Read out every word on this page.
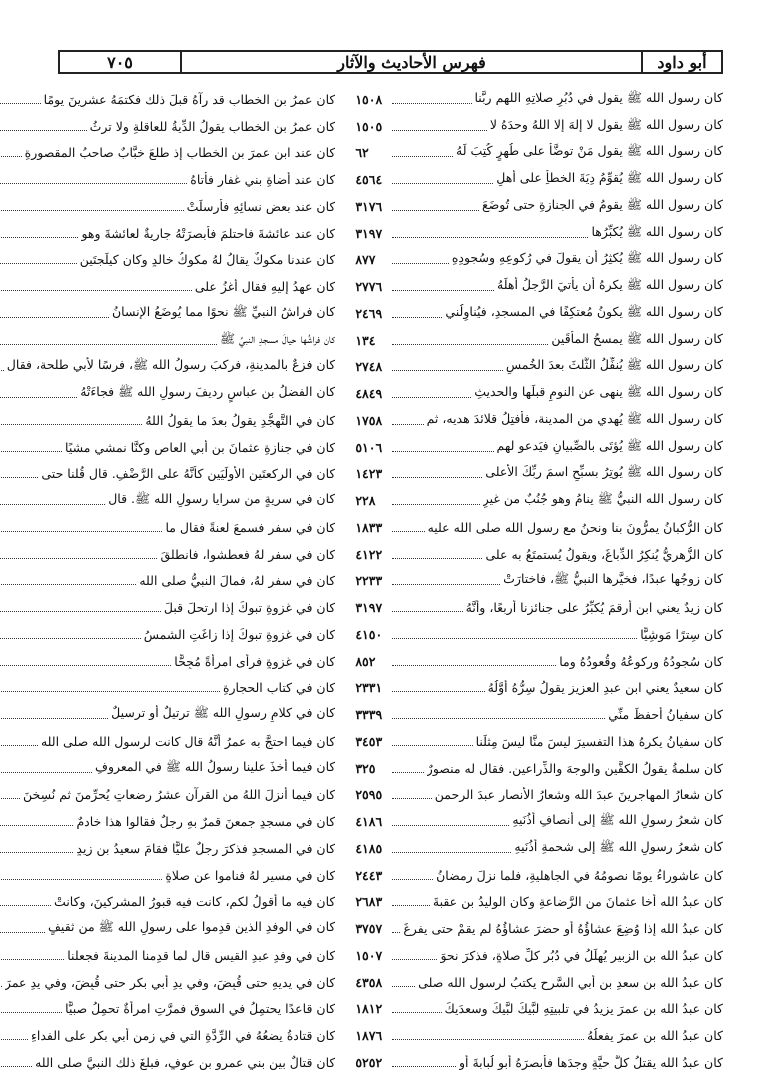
أبو داود
فهرس الأحاديث والآثار
٧٠٥
كان رسول الله ﷺ يقول في دُبُرِ صلاتِهِ اللهم ربَّنا
١٥٠٨
كان رسول الله ﷺ يقول لا إلهَ إلا اللهُ وحدَهُ لا
١٥٠٥
كان رسول الله ﷺ يقول مَنْ توضَّأَ على طُهرٍ كُتِبَ لَهُ
٦٢
كان رسول الله ﷺ يُقوِّمُ دِيَةَ الخطأِ على أهلِ
٤٥٦٤
كان رسول الله ﷺ يقومُ في الجنازةِ حتى تُوضَعَ
٣١٧٦
كان رسول الله ﷺ يُكبِّرُها
٣١٩٧
كان رسول الله ﷺ يُكثِرُ أن يقولَ في رُكوعِهِ وسُجودِهِ
٨٧٧
كان رسول الله ﷺ يكرهُ أن يأتيَ الرَّجلُ أهلَهُ
٢٧٧٦
كان رسول الله ﷺ يكونُ مُعتكِفًا في المسجدِ، فيُناوِلُني
٢٤٦٩
كان رسول الله ﷺ يمسحُ المأقَين
١٣٤
كان رسول الله ﷺ يُنفِّلُ الثُّلثَ بعدَ الخُمسِ
٢٧٤٨
كان رسول الله ﷺ ينهى عن النومِ قبلَها والحديثِ
٤٨٤٩
كان رسول الله ﷺ يُهدي من المدينة، فأفتِلُ قلائدَ هديه، ثم
١٧٥٨
كان رسول الله ﷺ يُؤتَى بالصِّبيانِ فيَدعو لهم
٥١٠٦
كان رسول الله ﷺ يُوتِرُ بسبِّحِ اسمَ ربِّكَ الأعلى
١٤٢٣
كان رسول الله النبيُّ ﷺ ينامُ وهو جُنُبٌ من غيرِ
٢٢٨
كان الرُّكبانُ يمرُّونَ بنا ونحنُ مع رسول الله صلى الله عليه
١٨٣٣
كان الزُّهريُّ يُنكِرُ الدِّباغَ، ويقولُ يُستمتَعُ به على
٤١٢٢
كان زوجُها عبدًا، فخيَّرها النبيُّ ﷺ، فاختارَتْ
٢٢٣٣
كان زيدٌ يعني ابن أرقمَ يُكبِّرُ على جنائزِنا أربعًا، وأنَّهُ
٣١٩٧
كان سِترًا مَوشِيًّا
٤١٥٠
كان سُجودُهُ وركوعُهُ وقُعودُهُ وما
٨٥٢
كان سعيدٌ يعني ابن عبدِ العزيزِ يقولُ سِرُّهُ أوَّلُهُ
٢٣٣١
كان سفيانُ أحفظَ منِّي
٣٣٣٩
كان سفيانُ يكرهُ هذا التفسيرَ ليسَ منَّا ليسَ مِثلَنا
٣٤٥٣
كان سلمةُ يقولُ الكفَّينِ والوجهَ والذِّراعينِ. فقال له منصورٌ
٣٢٥
كان شعارُ المهاجرينَ عبدَ الله وشعارُ الأنصارِ عبدَ الرحمنِ
٢٥٩٥
كان شعرُ رسولِ الله ﷺ إلى أنصافِ أُذُنَيهِ
٤١٨٦
كان شعرُ رسولِ الله ﷺ إلى شحمةِ أُذُنَيهِ
٤١٨٥
كان عاشوراءُ يومًا نصومُهُ في الجاهليةِ، فلما نزلَ رمضانُ
٢٤٤٣
كان عبدُ الله أخا عثمانَ من الرَّضاعةِ وكان الوليدُ بن عقبةَ
٢٦٨٣
كان عبدُ الله إذا وُضِعَ عشاؤُهُ أو حضرَ عشاؤُهُ لم يقمْ حتى يفرغَ
٣٧٥٧
كان عبدُ الله بن الزبيرِ يُهلِّلُ في دُبُرِ كلِّ صلاةٍ، فذكرَ نحوَ
١٥٠٧
كان عبدُ الله بن سعدِ بن أبي السَّرحِ يكتبُ لرسولِ الله صلى
٤٣٥٨
كان عبدُ الله بن عمرَ يزيدُ في تلبيتِهِ لبَّيكَ لبَّيكَ وسعدَيكَ
١٨١٢
كان عبدُ الله بن عمرَ يفعلُهُ
١٨٧٦
كان عبدُ الله يقتلُ كلَّ حيَّةٍ وجدَها فأبصرَهُ أبو لُبابةَ أو
٥٢٥٢
كان عمرُ بن الخطابِ قد رآهُ قبلَ ذلك فكتمَهُ عشرينَ يومًا
كان عمرُ بن الخطابِ يقولُ الدِّيةُ للعاقلةِ ولا ترثُ
كان عند ابنِ عمرَ بن الخطابِ إذ طلعَ خبَّابٌ صاحبُ المقصورةِ
كان عند أضاةِ بني غفارٍ فأتاهُ
كان عند بعضِ نسائِهِ فأرسلَتْ
كان عند عائشةَ فاحتلمَ فأبصرَتْهُ جاريةٌ لعائشةَ وهو
كان عندنا مكوكٌ يقالُ لهُ مكوكُ خالدٍ وكان كيلَجتَين
كان عهدُ إليهِ فقال أغزُ على
كان فراشُ النبيِّ ﷺ نحوًا مما يُوضَعُ الإنسانُ
كان فراشُها حيالَ مسجدِ النبيِّ ﷺ
كان فزعٌ بالمدينةِ، فركبَ رسولُ الله ﷺ، فرسًا لأبي طلحة، فقال
كان الفضلُ بن عباسٍ رديفَ رسولِ الله ﷺ فجاءَتْهُ
كان في التَّهجُّدِ يقولُ بعدَ ما يقولُ اللهُ
كان في جنازةِ عثمانَ بن أبي العاصِ وكنَّا نمشي مشيًا
كان في الركعتَينِ الأولَيَينِ كأنَّهُ على الرَّضْفِ. قال قُلنا حتى
كان في سريةٍ من سرايا رسولِ الله ﷺ. قال
كان في سفرٍ فسمعَ لعنةً فقال ما
كان في سفرٍ لهُ فعطشوا، فانطلقَ
كان في سفرٍ لهُ، فمالَ النبيُّ صلى الله
كان في غزوةِ تبوكَ إذا ارتحلَ قبلَ
كان في غزوةِ تبوكَ إذا زاغَتِ الشمسُ
كان في غزوةٍ فرأى امرأةً مُجِحًّا
كان في كتابِ الحجارةِ
كان في كلامِ رسولِ الله ﷺ ترتيلٌ أو ترسيلٌ
كان فيما احتجَّ به عمرُ أنَّهُ قال كانت لرسولِ الله صلى الله
كان فيما أخذَ علينا رسولُ الله ﷺ في المعروفِ
كان فيما أنزلَ اللهُ من القرآنِ عشرُ رضعاتٍ يُحرِّمنَ ثم نُسِخنَ
كان في مسجدٍ جمعنَ قمرٌ بهِ رجلٌ فقالوا هذا خادمٌ
كان في المسجدِ فذكرَ رجلٌ عليًّا فقامَ سعيدُ بن زيدٍ
كان في مسيرٍ لهُ فناموا عن صلاةٍ
كان فيه ما أقولُ لكم، كانت فيه قبورُ المشركينَ، وكانتْ
كان في الوفدِ الذين قدِموا على رسولِ الله ﷺ من ثقيفٍ
كان في وفدِ عبدِ القيسِ قال لما قدِمنا المدينةَ فجعلنا
كان في يديهِ حتى قُبِضَ، وفي يدِ أبي بكرٍ حتى قُبِضَ، وفي يدِ عمرَ
كان قاعدًا يحتمِلُ في السوقِ فمرَّتِ امرأةٌ تحمِلُ صبيًّا
كان قتادةُ يضعُهُ في الرِّدَّةِ التي في زمنِ أبي بكرٍ على الفداءِ
كان قتالٌ بين بني عمرِو بن عوفٍ، فبلغَ ذلك النبيَّ صلى الله
